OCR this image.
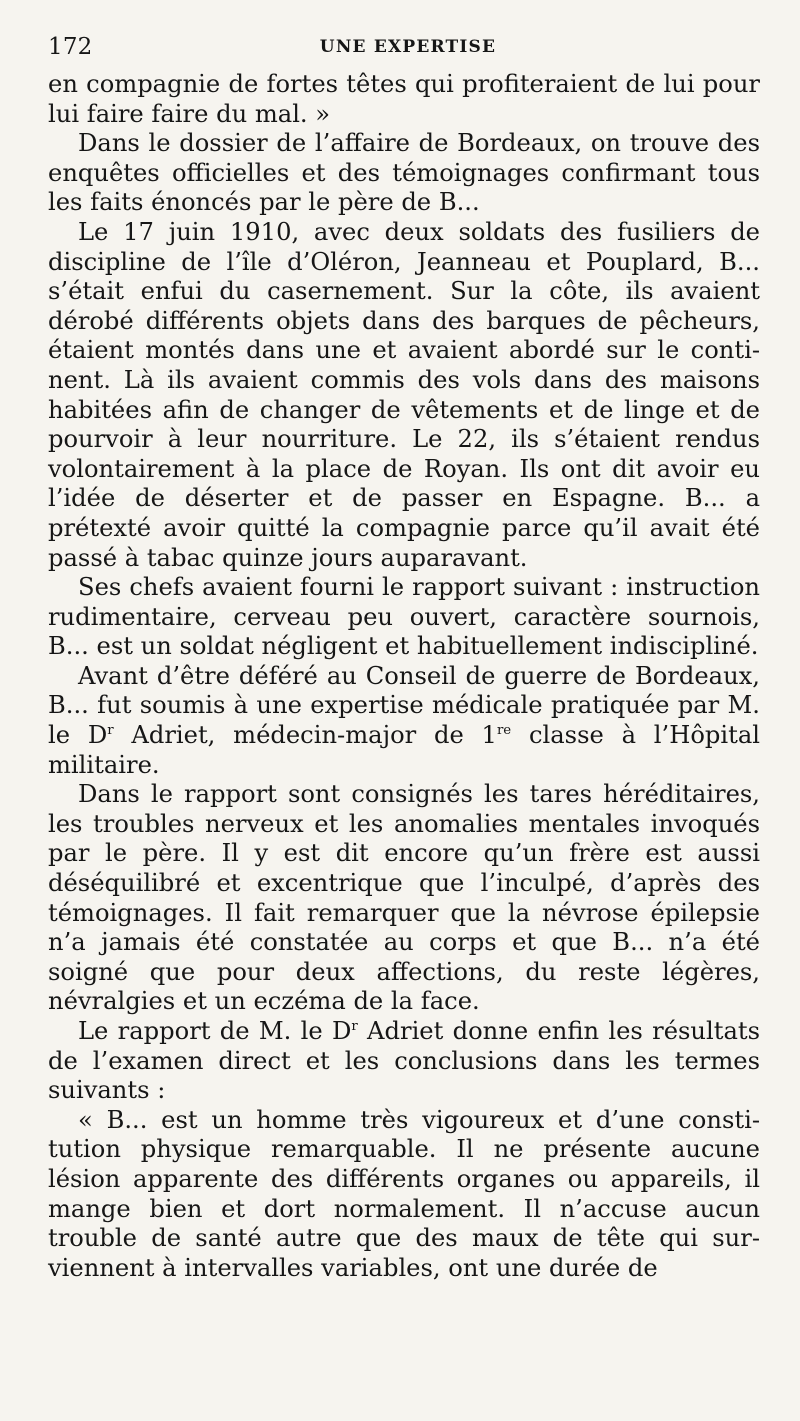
172	UNE EXPERTISE

en compagnie de fortes têtes qui profiteraient de lui pour lui faire faire du mal. »

Dans le dossier de l’affaire de Bordeaux, on trouve des enquêtes officielles et des témoignages confirmant tous les faits énoncés par le père de B...

Le 17 juin 1910, avec deux soldats des fusiliers de discipline de l’île d’Oléron, Jeanneau et Pouplard, B... s’était enfui du casernement. Sur la côte, ils avaient dérobé différents objets dans des barques de pêcheurs, étaient montés dans une et avaient abordé sur le continent. Là ils avaient commis des vols dans des maisons habitées afin de changer de vêtements et de linge et de pourvoir à leur nourriture. Le 22, ils s’étaient rendus volontairement à la place de Royan. Ils ont dit avoir eu l’idée de déserter et de passer en Espagne. B... a prétexté avoir quitté la compagnie parce qu’il avait été passé à tabac quinze jours auparavant.

Ses chefs avaient fourni le rapport suivant : instruction rudimentaire, cerveau peu ouvert, caractère sournois, B... est un soldat négligent et habituellement indiscipliné.

Avant d’être déféré au Conseil de guerre de Bordeaux, B... fut soumis à une expertise médicale pratiquée par M. le $D^r$ Adriet, médecin-major de 1re classe à l’Hôpital militaire.

Dans le rapport sont consignés les tares héréditaires, les troubles nerveux et les anomalies mentales invoqués par le père. Il y est dit encore qu’un frère est aussi déséquilibré et excentrique que l’inculpé, d’après des témoignages. Il fait remarquer que la névrose épilepsie n’a jamais été constatée au corps et que B... n’a été soigné que pour deux affections, du reste légères, névralgies et un eczéma de la face.

Le rapport de M. le $D^r$ Adriet donne enfin les résultats de l’examen direct et les conclusions dans les termes suivants :

« B... est un homme très vigoureux et d’une constitution physique remarquable. Il ne présente aucune lésion apparente des différents organes ou appareils, il mange bien et dort normalement. Il n’accuse aucun trouble de santé autre que des maux de tête qui surviennent à intervalles variables, ont une durée de
